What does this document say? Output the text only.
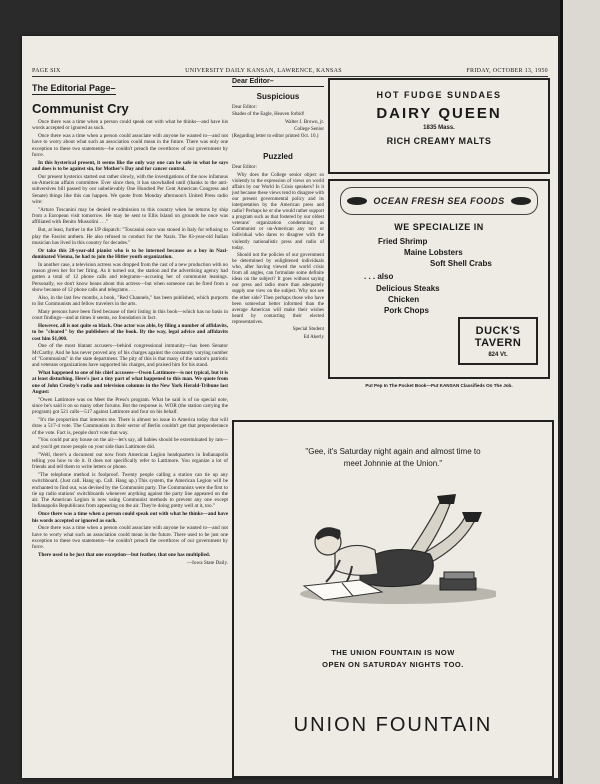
PAGE SIX	UNIVERSITY DAILY KANSAN, LAWRENCE, KANSAS	FRIDAY, OCTOBER 13, 1950
The Editorial Page–
Communist Cry

Once there was a time when a person could speak out with what he thinks—and have his words accepted or ignored as such.

Once there was a time when a person could associate with anyone he wanted to—and not have to worry about what such an association could mean in the future. There was only one exception to these two statements—he couldn't preach the overthrow of our government by force.

In this hysterical present, it seems like the only way one can be safe in what he says and does is to be against sin, for Mother's Day and for cancer control.

Our present hysterics started out rather slowly, with the investigations of the now infamous un-American affairs committee. Ever since then, it has snowballed until (thanks to the anti-subversives bill passed by our unbelievably One Hundred Per Cent American Congress and Senate) things like this can happen. We quote from Monday afternoon's United Press radio wire:

"Arturo Toscanini may be denied re-admission to this country when he returns by ship from a European visit tomorrow. He may be sent to Ellis Island on grounds he once was affiliated with Benito Mussolini . . ."

But, at least, further in the UP dispatch: "Toscanini once was stoned in Italy for refusing to play the Fascist anthem. He also refused to conduct for the Nazis. The 83-year-old Italian musician has lived in this country for decades."

Or take this 28-year-old pianist who is to be interned because as a boy in Nazi-dominated Vienna, he had to join the Hitler youth organization.

In another case, a television actress was dropped from the cast of a new production with no reason given her for her firing. As it turned out, the station and the advertising agency had gotten a total of 12 phone calls and telegrams—accusing her of communist leanings. Personally, we don't know beans about this actress—but when someone can be fired from a show because of 12 phone calls and telegrams . . .

Also, in the last few months, a book, "Red Channels," has been published, which purports to list Communists and fellow travelers in the arts.

Many persons have been fired because of their listing in this book—which has no basis in court findings—and at times it seems, no foundation in fact.

However, all is not quite so black. One actor was able, by filing a number of affidavits, to be "cleared" by the publishers of the book. By the way, legal advice and affidavits cost him $1,000.

One of the most blatant accusers—behind congressional immunity—has been Senator McCarthy. And he has never proved any of his charges against the constantly varying number of "Communists" in the state department. The pity of this is that many of the nation's patriotic and veterans organizations have supported his charges, and praised him for his stand.

What happened to one of his chief accusees—Owen Lattimore—is not typical, but it is at least disturbing. Here's just a tiny part of what happened to this man. We quote from one of John Crosby's radio and television columns in the New York Herald-Tribune last August:

"Owen Lattimore was on Meet the Press's program. What he said is of no special note, since he's said it on so many other forums. But the response is. WOR (the station carrying the program) got 521 calls—517 against Lattimore and four on his behalf.

"It's the proportion that interests me. There is almost no issue in America today that will draw a 517-4 vote. The Communists in their sector of Berlin couldn't get that preponderance of the vote. Fact is, people don't vote that way.

"You could put any house on the air—let's say, all babies should be exterminated by rats—and you'd get more people on your side than Lattimore did.

"Well, there's a document out now from American Legion headquarters in Indianapolis telling you how to do it. It does not specifically refer to Lattimore. You organize a lot of friends and tell them to write letters or phone.

"The telephone method is foolproof. Twenty people calling a station can tie up any switchboard. (Just call. Hang up. Call. Hang up.) This system, the American Legion will be enchanted to find out, was devised by the Communist party. The Communists were the first to tie up radio stations' switchboards whenever anything against the party line appeared on the air. The American Legion is now using Communist methods to prevent any one except Indianapolis Republicans from appearing on the air. They're doing pretty well at it, too."

Once there was a time when a person could speak out with what he thinks—and have his words accepted or ignored as such.

Once there was a time when a person could associate with anyone he wanted to—and not have to worry what such an association could mean in the future. There used to be just one exception to these two statements—he couldn't preach the overthrow of our government by force.

There used to be just that one exception—but feather, that one has multiplied.

—Iowa State Daily.

Dear Editor–
Suspicious

Dear Editor:

Shades of the Eagle, Heaven forbid!

Walter J. Brown, jr.

College Senior

(Regarding letter to editor printed Oct. 10.)

Puzzled

Dear Editor:

Why does the College senior object so violently to the expression of views on world affairs by our World In Crisis speakers? Is it just because these views tend to disagree with our present governmental policy and its interpretation by the American press and radio? Perhaps he or she would rather support a program such as that fostered by our oldest veterans' organization condemning as Communist or un-American any text or individual who dares to disagree with the violently nationalistic press and radio of today.

Should not the policies of our government be determined by enlightened individuals who, after having viewed the world crisis from all angles, can formulate some definite ideas on the subject? It goes without saying our press and radio more than adequately supply one view on the subject. Why not see the other side? Then perhaps those who have been somewhat better informed than the average American will make their wishes heard by contacting their elected representatives.

Special Student

Ed Akerly

HOT FUDGE SUNDAES
DAIRY QUEEN
1835 Mass.
RICH CREAMY MALTS
OCEAN FRESH SEA FOODS
WE SPECIALIZE IN
Fried Shrimp
Maine Lobsters
Soft Shell Crabs
. . . also
Delicious Steaks
Chicken
Pork Chops
DUCK'S TAVERN
824 Vt.
Put Pep In The Pocket Book—Put KANSAN Classifieds On The Job.
"Gee, it's Saturday night again and almost time to
meet Johnnie at the Union."
THE UNION FOUNTAIN IS NOW
OPEN ON SATURDAY NIGHTS TOO.
UNION FOUNTAIN
